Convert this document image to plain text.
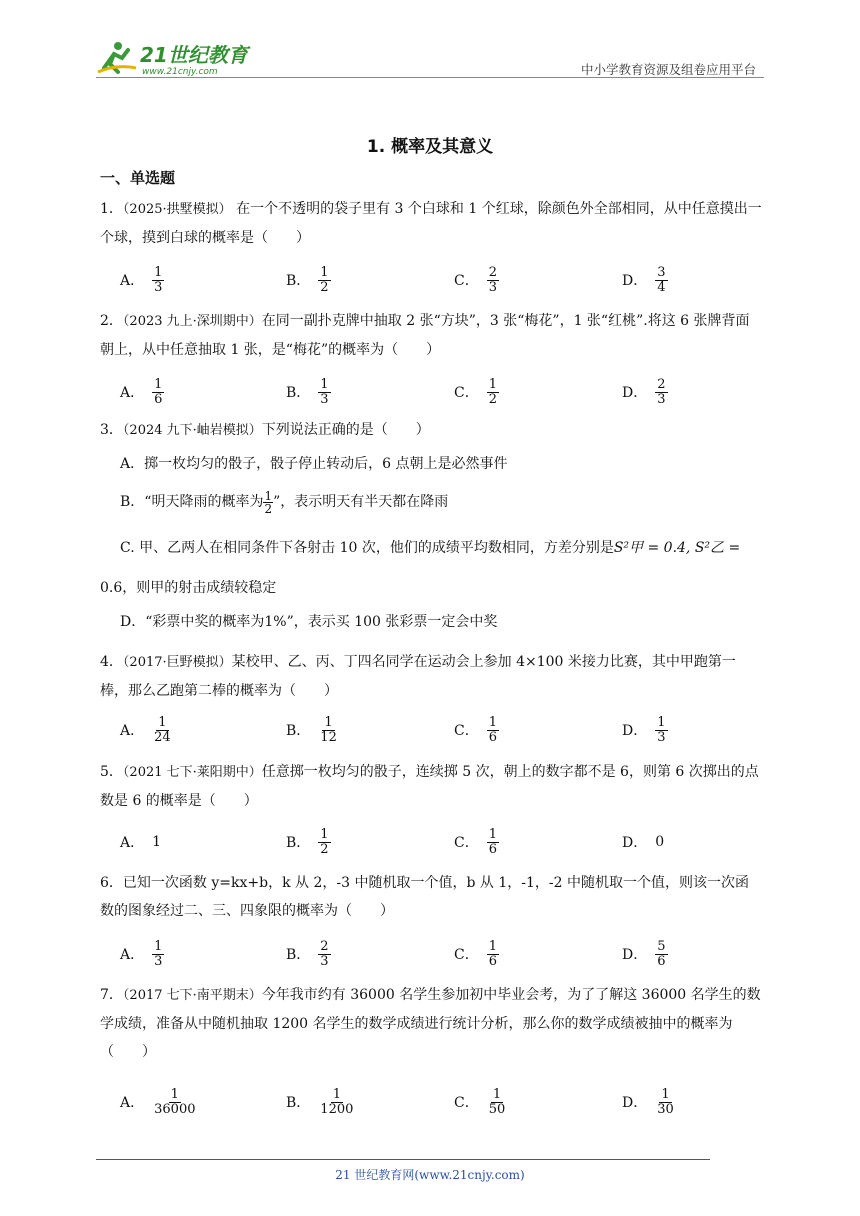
21世纪教育
www.21cnjy.com	中小学教育资源及组卷应用平台
1. 概率及其意义
一、单选题
1．（2025·拱墅模拟） 在一个不透明的袋子里有 3 个白球和 1 个红球，除颜色外全部相同，从中任意摸出一个球，摸到白球的概率是（　　）
A． $\frac{1}{3}$	B． $\frac{1}{2}$	C． $\frac{2}{3}$	D． $\frac{3}{4}$
2．（2023 九上·深圳期中）在同一副扑克牌中抽取 2 张“方块”，3 张“梅花”，1 张“红桃”.将这 6 张牌背面朝上，从中任意抽取 1 张，是“梅花”的概率为（　　）
A． $\frac{1}{6}$	B． $\frac{1}{3}$	C． $\frac{1}{2}$	D． $\frac{2}{3}$
3．（2024 九下·岫岩模拟）下列说法正确的是（　　）
A．掷一枚均匀的骰子，骰子停止转动后，6 点朝上是必然事件
B．“明天降雨的概率为 $\frac{1}{2}$ ”，表示明天有半天都在降雨
C. 甲、乙两人在相同条件下各射击 10 次，他们的成绩平均数相同，方差分别是S²甲 = 0.4, S²乙 =
0.6，则甲的射击成绩较稳定
D．“彩票中奖的概率为1%”，表示买 100 张彩票一定会中奖
4．（2017·巨野模拟）某校甲、乙、丙、丁四名同学在运动会上参加 4×100 米接力比赛，其中甲跑第一棒，那么乙跑第二棒的概率为（　　）
A． $\frac{1}{24}$	B． $\frac{1}{12}$	C． $\frac{1}{6}$	D． $\frac{1}{3}$
5．（2021 七下·莱阳期中）任意掷一枚均匀的骰子，连续掷 5 次，朝上的数字都不是 6，则第 6 次掷出的点数是 6 的概率是（　　）
A． 1	B． $\frac{1}{2}$	C． $\frac{1}{6}$	D． 0
6．已知一次函数 y=kx+b，k 从 2，-3 中随机取一个值，b 从 1，-1，-2 中随机取一个值，则该一次函数的图象经过二、三、四象限的概率为（　　）
A． $\frac{1}{3}$	B． $\frac{2}{3}$	C． $\frac{1}{6}$	D． $\frac{5}{6}$
7．（2017 七下·南平期末）今年我市约有 36000 名学生参加初中毕业会考，为了了解这 36000 名学生的数学成绩，准备从中随机抽取 1200 名学生的数学成绩进行统计分析，那么你的数学成绩被抽中的概率为 （　　）
A． $\frac{1}{36000}$	B． $\frac{1}{1200}$	C． $\frac{1}{50}$	D． $\frac{1}{30}$
21 世纪教育网(www.21cnjy.com)
